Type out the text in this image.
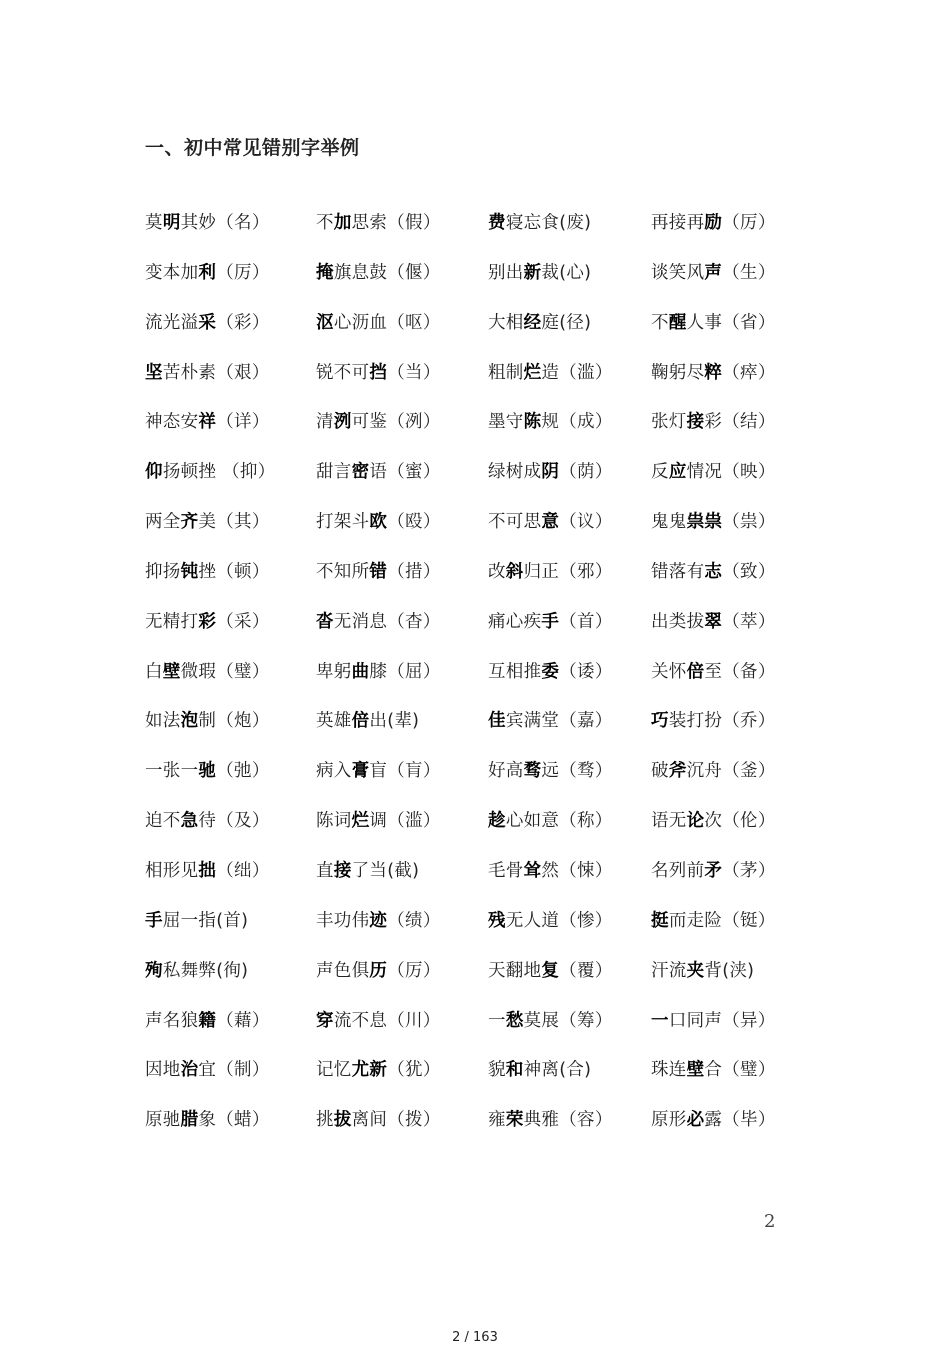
一、初中常见错别字举例
莫明其妙（名）	不加思索（假）	费寝忘食(废)	再接再励（厉）
变本加利（厉）	掩旗息鼓（偃）	别出新裁(心)	谈笑风声（生）
流光溢采（彩）	沤心沥血（呕）	大相经庭(径)	不醒人事（省）
坚苦朴素（艰）	锐不可挡（当）	粗制烂造（滥） 鞠躬尽粹（瘁）
神态安祥（详）	清洌可鉴（冽）	墨守陈规（成） 张灯接彩（结）
仰扬顿挫 （抑） 甜言密语（蜜）	绿树成阴（荫） 反应情况（映）
两全齐美（其）	打架斗欧（殴）	不可思意（议） 鬼鬼祟祟（祟）
抑扬钝挫（顿）	不知所错（措）	改斜归正（邪） 错落有志（致）
无精打彩（采）	沓无消息（杳）	痛心疾手（首） 出类拔翠（萃）
白壁微瑕（璧）	卑躬曲膝（屈）	互相推委（诿） 关怀倍至（备）
如法泡制（炮）	英雄倍出(辈)	佳宾满堂（嘉） 巧装打扮（乔）
一张一驰（弛）	病入膏盲（肓）	好高骛远（骛） 破斧沉舟（釜）
迫不急待（及）	陈词烂调（滥）	趁心如意（称） 语无论次（伦）
相形见拙（绌）	直接了当(截)	毛骨耸然（悚） 名列前矛（茅）
手屈一指(首)	丰功伟迹（绩）	残无人道（惨） 挺而走险（铤）
殉私舞弊(徇)	声色俱历（厉）	天翻地复（覆） 汗流夹背(浃)
声名狼籍（藉）	穿流不息（川）	一愁莫展（筹） 一口同声（异）
因地治宜（制）	记忆尤新（犹）	貌和神离(合)	珠连壁合（璧）
原驰腊象（蜡）	挑拔离间（拨）	雍荣典雅（容） 原形必露（毕）
2
2 / 163
